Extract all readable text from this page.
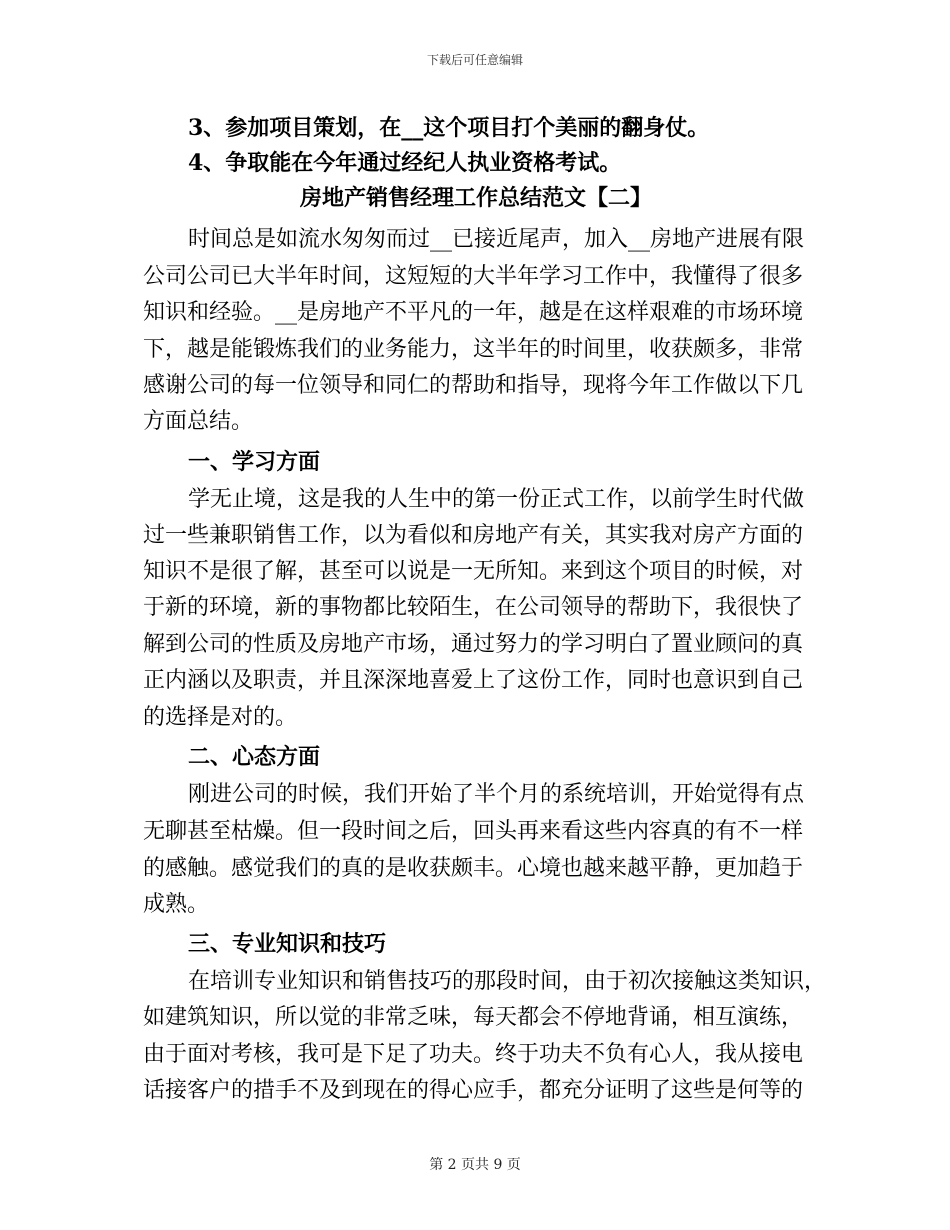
下载后可任意编辑
3、参加项目策划，在__这个项目打个美丽的翻身仗。
4、争取能在今年通过经纪人执业资格考试。
房地产销售经理工作总结范文【二】
时间总是如流水匆匆而过__已接近尾声，加入__房地产进展有限
公司公司已大半年时间，这短短的大半年学习工作中，我懂得了很多
知识和经验。__是房地产不平凡的一年，越是在这样艰难的市场环境
下，越是能锻炼我们的业务能力，这半年的时间里，收获颇多，非常
感谢公司的每一位领导和同仁的帮助和指导，现将今年工作做以下几
方面总结。
一、学习方面
学无止境，这是我的人生中的第一份正式工作，以前学生时代做
过一些兼职销售工作，以为看似和房地产有关，其实我对房产方面的
知识不是很了解，甚至可以说是一无所知。来到这个项目的时候，对
于新的环境，新的事物都比较陌生，在公司领导的帮助下，我很快了
解到公司的性质及房地产市场，通过努力的学习明白了置业顾问的真
正内涵以及职责，并且深深地喜爱上了这份工作，同时也意识到自己
的选择是对的。
二、心态方面
刚进公司的时候，我们开始了半个月的系统培训，开始觉得有点
无聊甚至枯燥。但一段时间之后，回头再来看这些内容真的有不一样
的感触。感觉我们的真的是收获颇丰。心境也越来越平静，更加趋于
成熟。
三、专业知识和技巧
在培训专业知识和销售技巧的那段时间，由于初次接触这类知识，
如建筑知识，所以觉的非常乏味，每天都会不停地背诵，相互演练，
由于面对考核，我可是下足了功夫。终于功夫不负有心人，我从接电
话接客户的措手不及到现在的得心应手，都充分证明了这些是何等的
第 2 页共 9 页
